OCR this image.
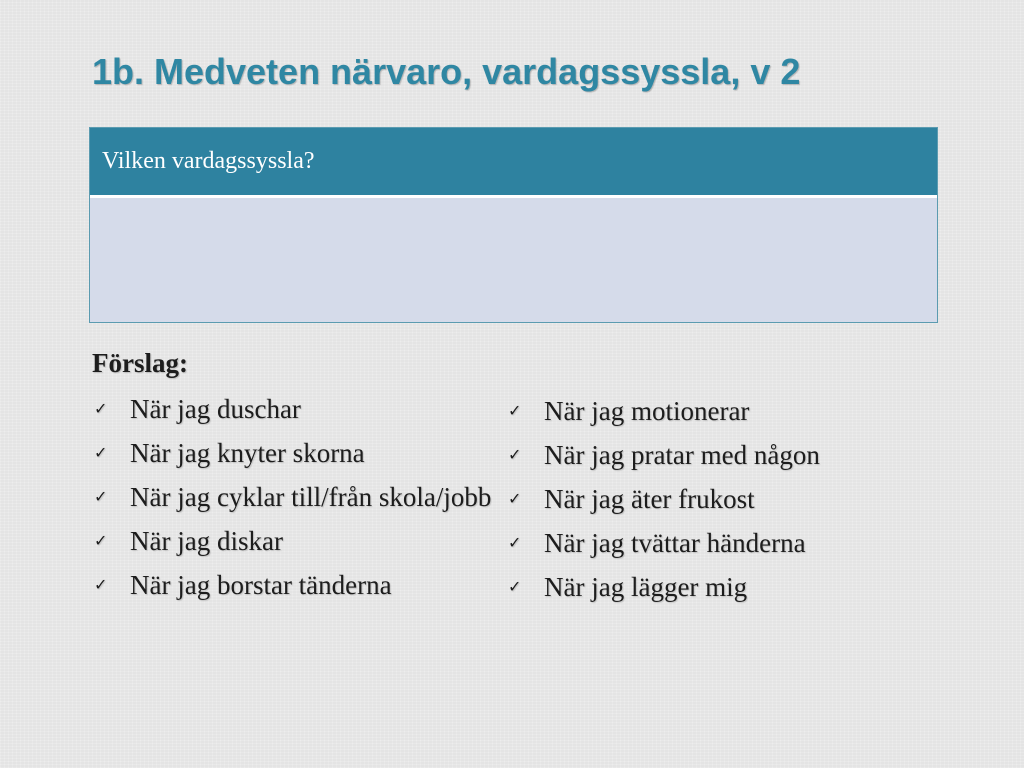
1b. Medveten närvaro, vardagssyssla, v 2
Vilken vardagssyssla?
Förslag:
✓ När jag duschar
✓ När jag knyter skorna
✓ När jag cyklar till/från skola/jobb
✓ När jag diskar
✓ När jag borstar tänderna
✓ När jag motionerar
✓ När jag pratar med någon
✓ När jag äter frukost
✓ När jag tvättar händerna
✓ När jag lägger mig
